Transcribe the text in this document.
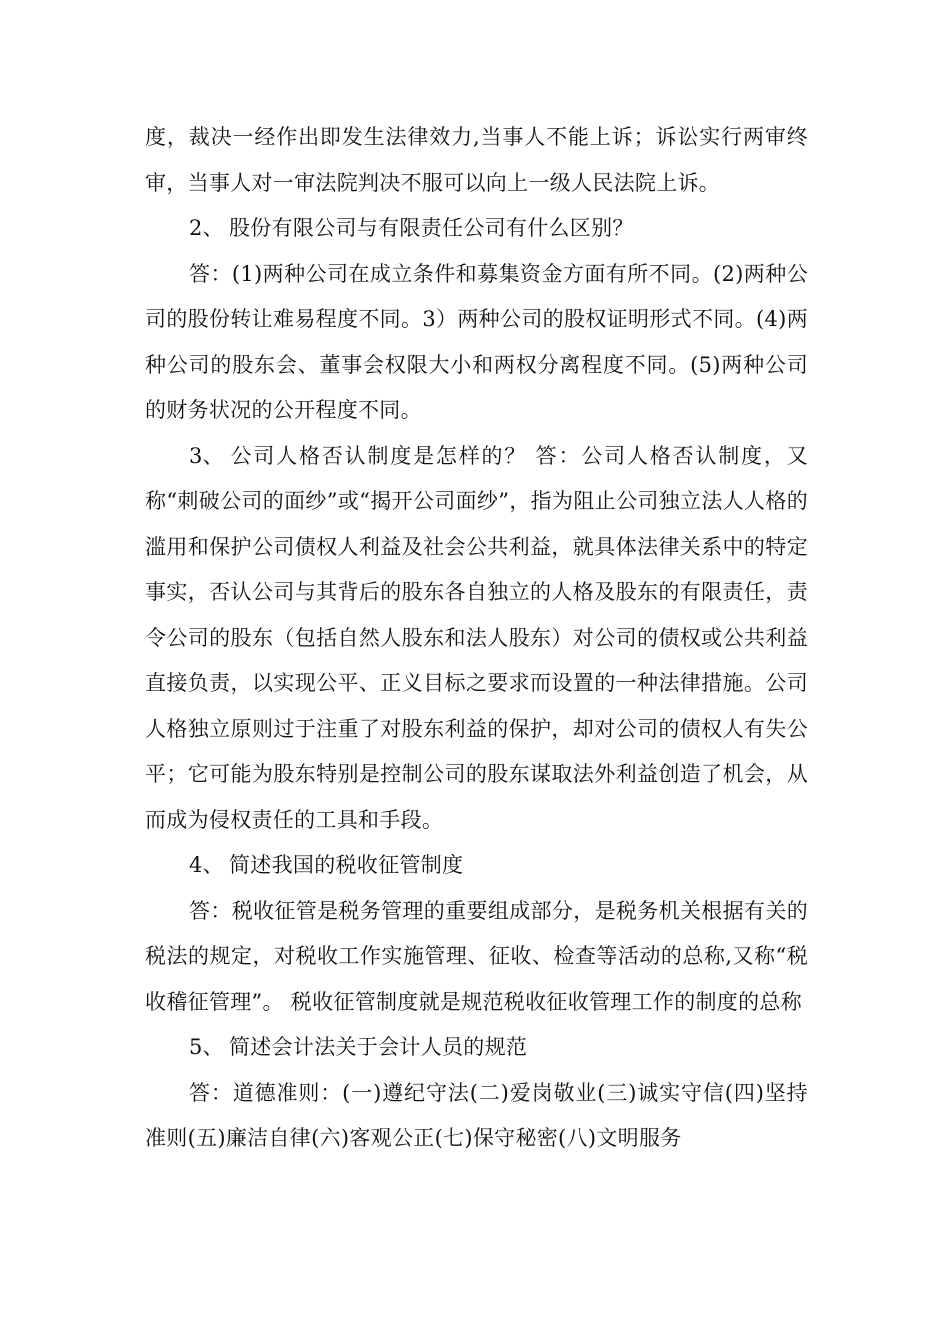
度，裁决一经作出即发生法律效力,当事人不能上诉；诉讼实行两审终审，当事人对一审法院判决不服可以向上一级人民法院上诉。

2、 股份有限公司与有限责任公司有什么区别？

答：(1)两种公司在成立条件和募集资金方面有所不同。(2)两种公司的股份转让难易程度不同。3）两种公司的股权证明形式不同。(4)两种公司的股东会、董事会权限大小和两权分离程度不同。(5)两种公司的财务状况的公开程度不同。

3、 公司人格否认制度是怎样的？ 答：公司人格否认制度，又称“刺破公司的面纱”或“揭开公司面纱”，指为阻止公司独立法人人格的滥用和保护公司债权人利益及社会公共利益，就具体法律关系中的特定事实，否认公司与其背后的股东各自独立的人格及股东的有限责任，责令公司的股东（包括自然人股东和法人股东）对公司的债权或公共利益直接负责，以实现公平、正义目标之要求而设置的一种法律措施。公司人格独立原则过于注重了对股东利益的保护，却对公司的债权人有失公平；它可能为股东特别是控制公司的股东谋取法外利益创造了机会，从而成为侵权责任的工具和手段。

4、 简述我国的税收征管制度

答：税收征管是税务管理的重要组成部分，是税务机关根据有关的税法的规定，对税收工作实施管理、征收、检查等活动的总称,又称“税收稽征管理”。 税收征管制度就是规范税收征收管理工作的制度的总称

5、 简述会计法关于会计人员的规范

答：道德准则：(一)遵纪守法(二)爱岗敬业(三)诚实守信(四)坚持准则(五)廉洁自律(六)客观公正(七)保守秘密(八)文明服务
